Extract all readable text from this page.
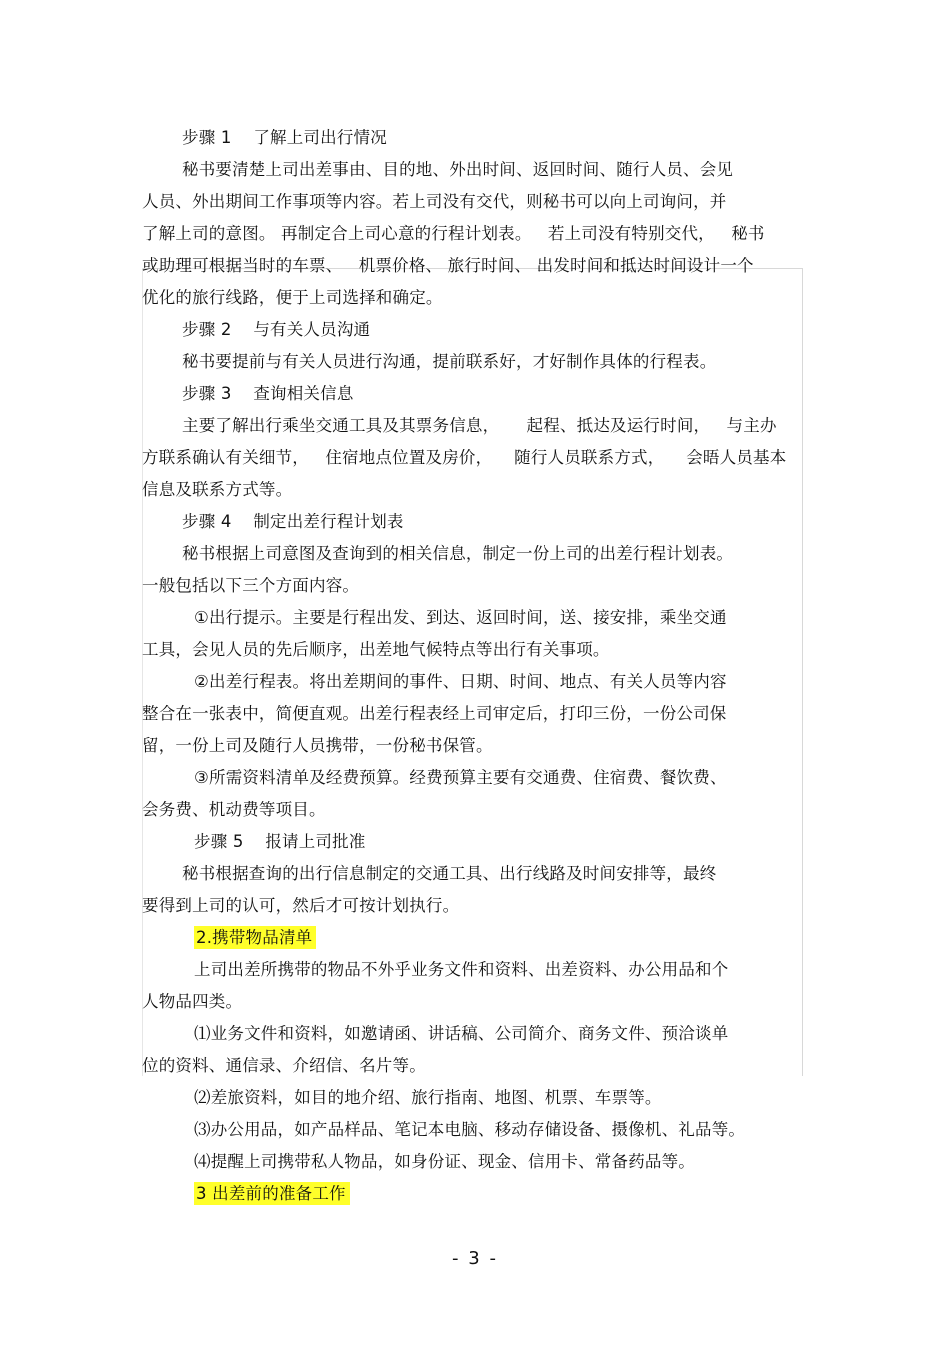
步骤 1    了解上司出行情况
秘书要清楚上司出差事由、目的地、外出时间、返回时间、随行人员、会见
人员、外出期间工作事项等内容。若上司没有交代，则秘书可以向上司询问，并
了解上司的意图。 再制定合上司心意的行程计划表。   若上司没有特别交代，   秘书
或助理可根据当时的车票、   机票价格、 旅行时间、 出发时间和抵达时间设计一个
优化的旅行线路，便于上司选择和确定。
步骤 2    与有关人员沟通
秘书要提前与有关人员进行沟通，提前联系好，才好制作具体的行程表。
步骤 3    查询相关信息
主要了解出行乘坐交通工具及其票务信息，     起程、抵达及运行时间，   与主办
方联系确认有关细节，   住宿地点位置及房价，    随行人员联系方式，    会晤人员基本
信息及联系方式等。
步骤 4    制定出差行程计划表
秘书根据上司意图及查询到的相关信息，制定一份上司的出差行程计划表。
一般包括以下三个方面内容。
①出行提示。主要是行程出发、到达、返回时间，送、接安排，乘坐交通
工具，会见人员的先后顺序，出差地气候特点等出行有关事项。
②出差行程表。将出差期间的事件、日期、时间、地点、有关人员等内容
整合在一张表中，简便直观。出差行程表经上司审定后，打印三份，一份公司保
留，一份上司及随行人员携带，一份秘书保管。
③所需资料清单及经费预算。经费预算主要有交通费、住宿费、餐饮费、
会务费、机动费等项目。
步骤 5    报请上司批准
秘书根据查询的出行信息制定的交通工具、出行线路及时间安排等，最终
要得到上司的认可，然后才可按计划执行。
2.携带物品清单
上司出差所携带的物品不外乎业务文件和资料、出差资料、办公用品和个
人物品四类。
⑴业务文件和资料，如邀请函、讲话稿、公司简介、商务文件、预洽谈单
位的资料、通信录、介绍信、名片等。
⑵差旅资料，如目的地介绍、旅行指南、地图、机票、车票等。
⑶办公用品，如产品样品、笔记本电脑、移动存储设备、摄像机、礼品等。
⑷提醒上司携带私人物品，如身份证、现金、信用卡、常备药品等。
3 出差前的准备工作
- 3 -
